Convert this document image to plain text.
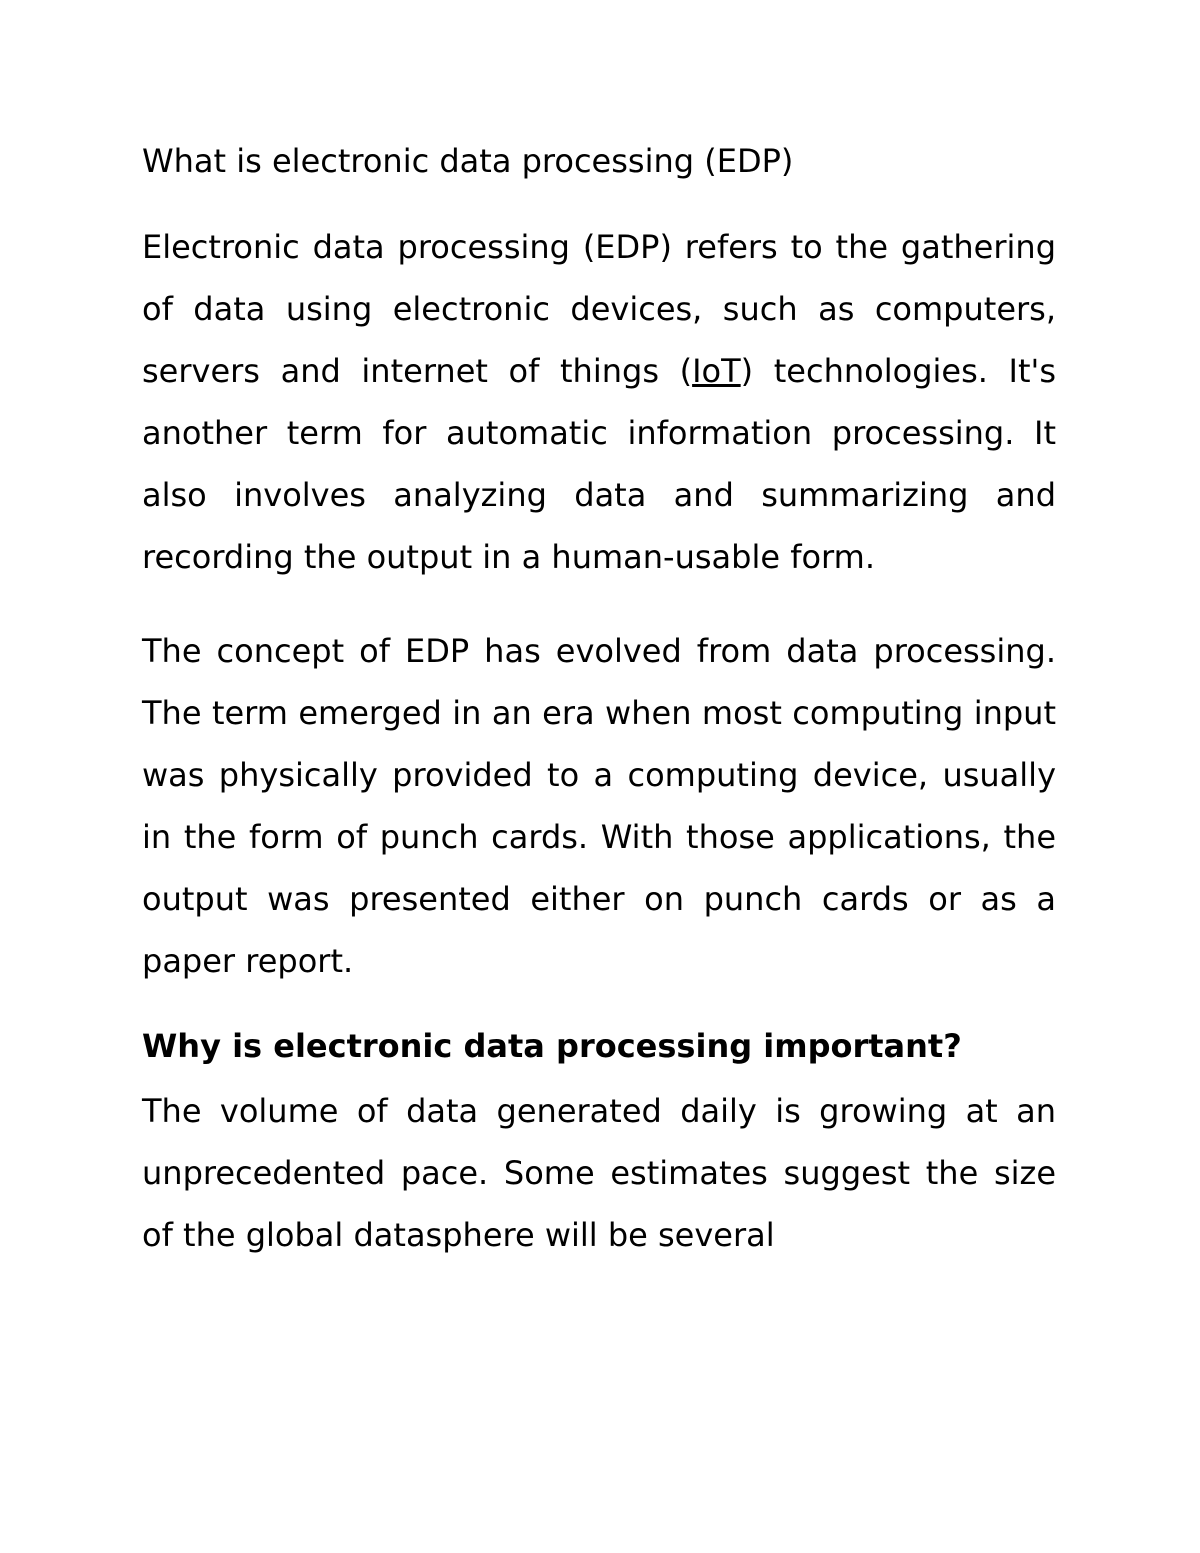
What is electronic data processing (EDP)

Electronic data processing (EDP) refers to the gathering of data using electronic devices, such as computers, servers and internet of things (IoT) technologies. It's another term for automatic information processing. It also involves analyzing data and summarizing and recording the output in a human-usable form.

The concept of EDP has evolved from data processing. The term emerged in an era when most computing input was physically provided to a computing device, usually in the form of punch cards. With those applications, the output was presented either on punch cards or as a paper report.

Why is electronic data processing important?

The volume of data generated daily is growing at an unprecedented pace. Some estimates suggest the size of the global datasphere will be several
